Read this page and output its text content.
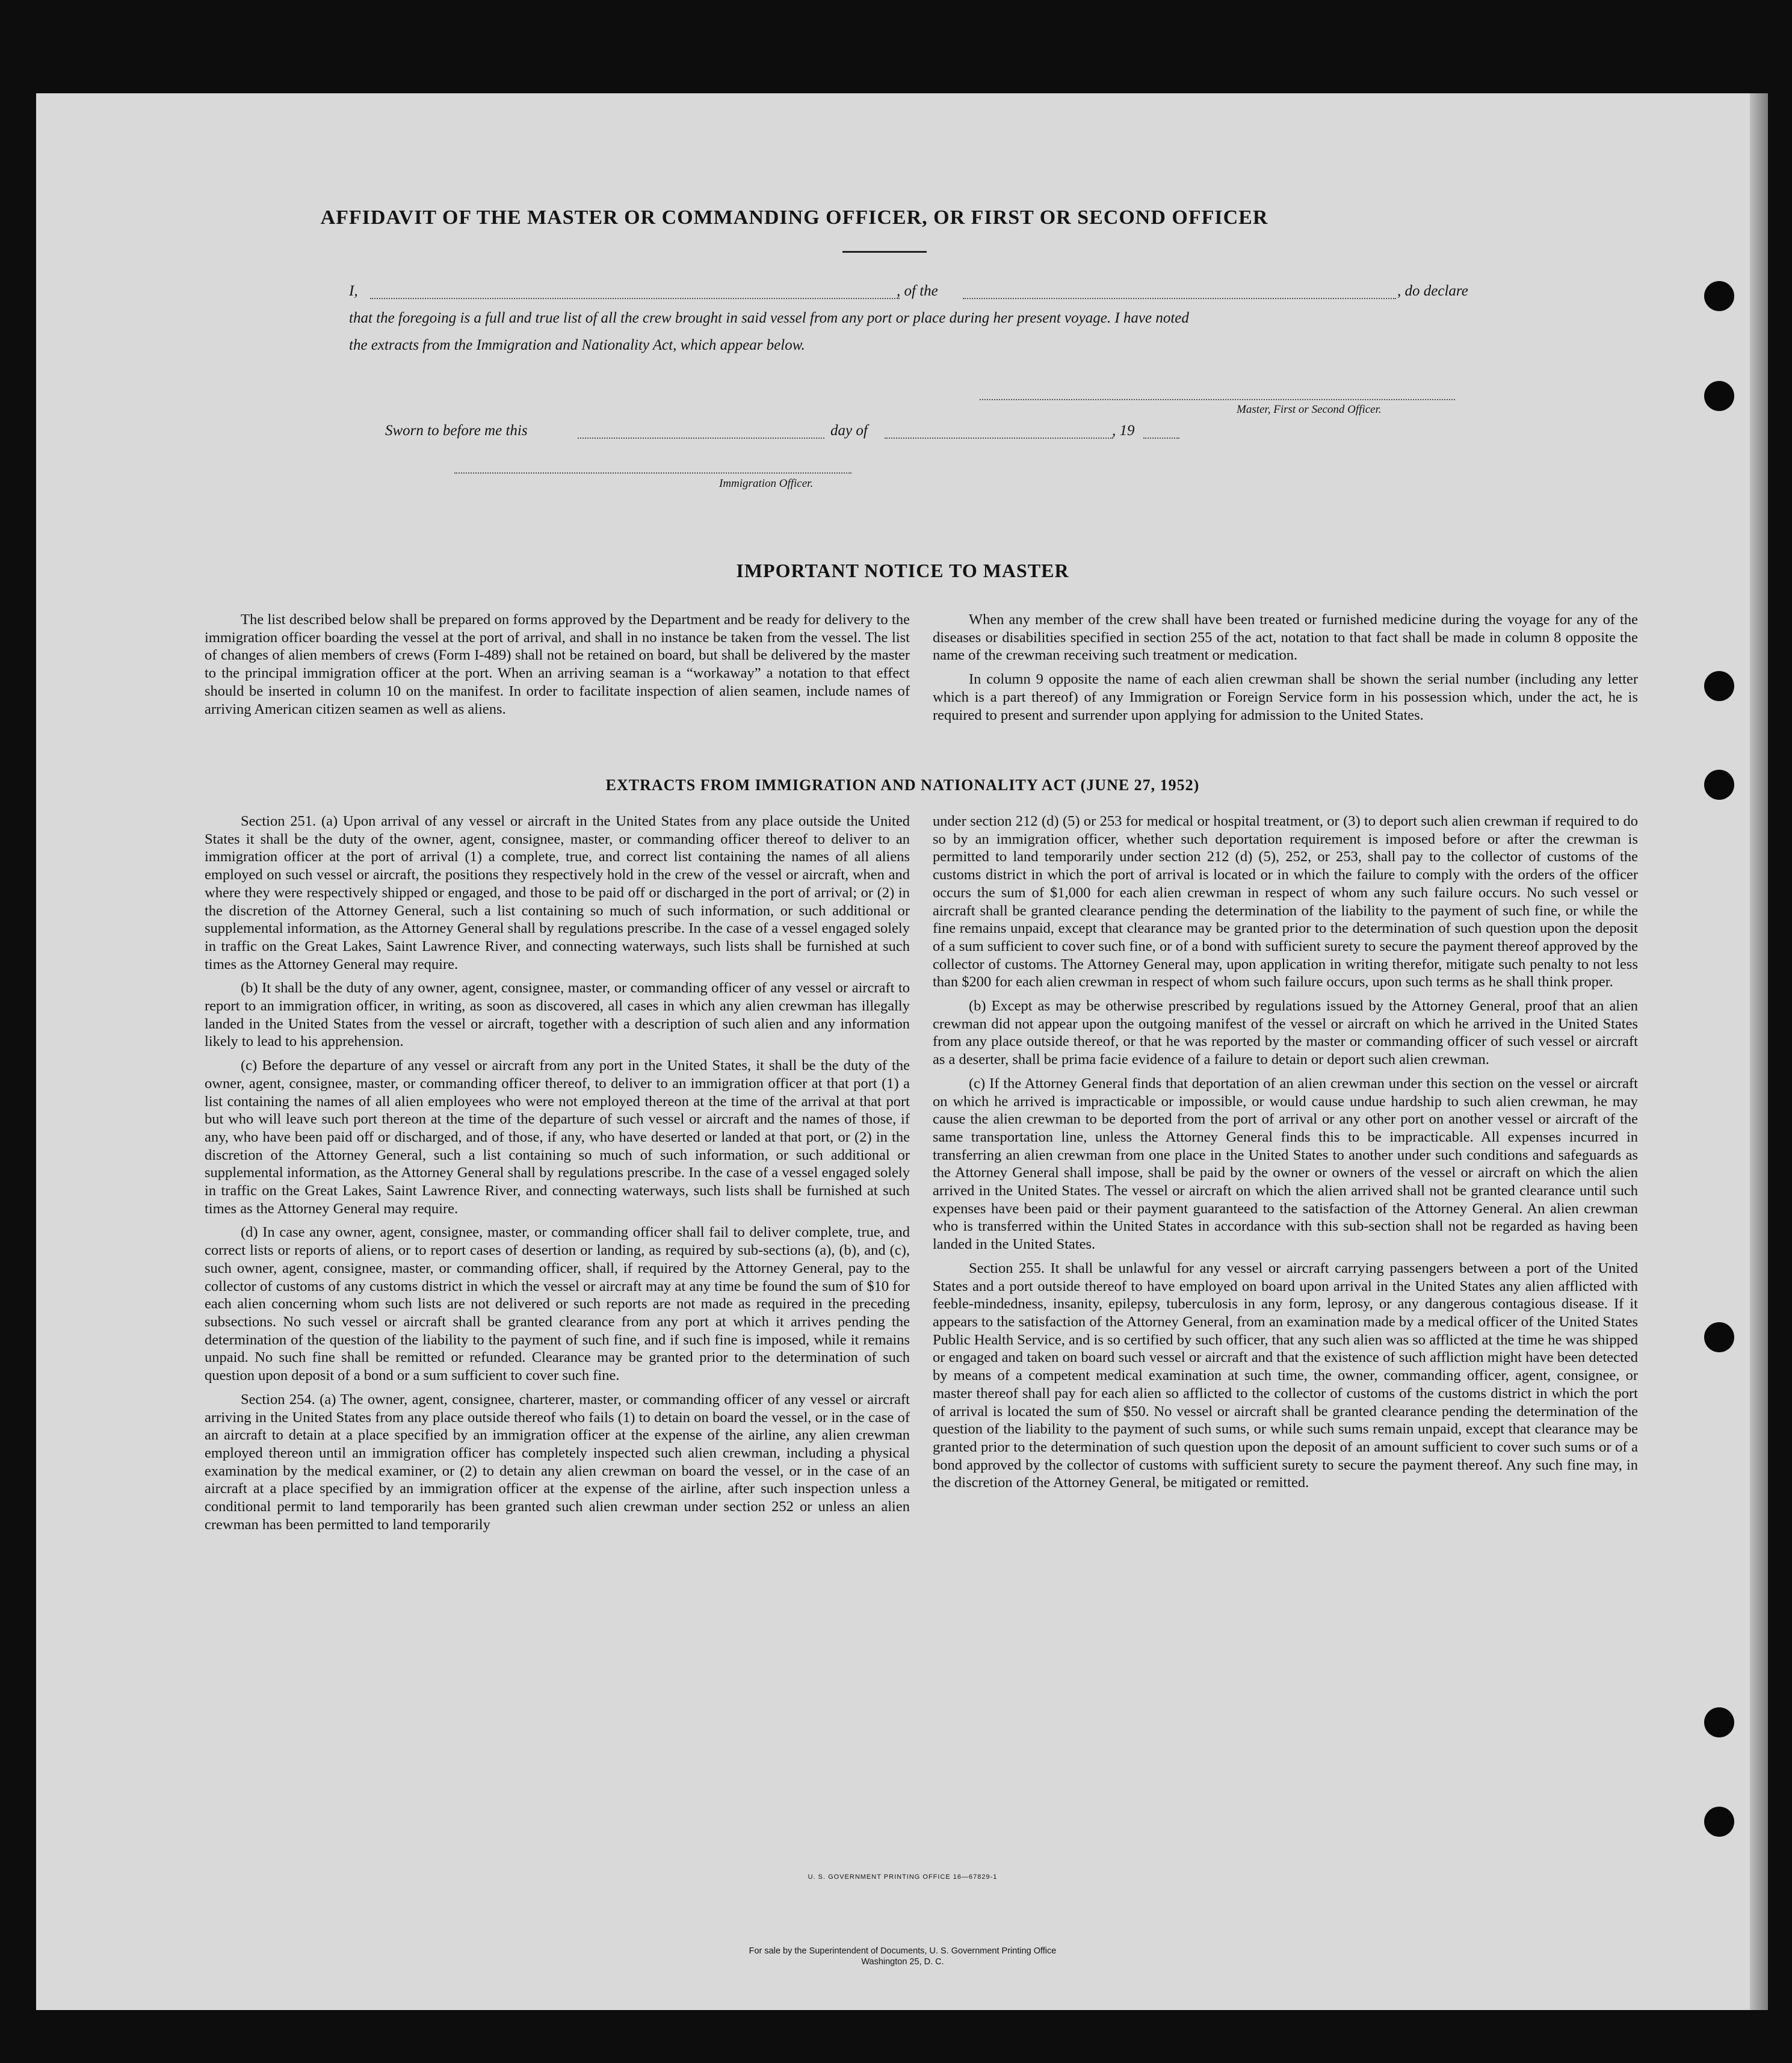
AFFIDAVIT OF THE MASTER OR COMMANDING OFFICER, OR FIRST OR SECOND OFFICER
I,	, of the	, do declare
that the foregoing is a full and true list of all the crew brought in said vessel from any port or place during her present voyage. I have noted
the extracts from the Immigration and Nationality Act, which appear below.
Master, First or Second Officer.
Sworn to before me this	day of	, 19
Immigration Officer.
IMPORTANT NOTICE TO MASTER

The list described below shall be prepared on forms approved by the Department and be ready for delivery to the immigration officer boarding the vessel at the port of arrival, and shall in no instance be taken from the vessel. The list of changes of alien members of crews (Form I-489) shall not be retained on board, but shall be delivered by the master to the principal immigration officer at the port. When an arriving seaman is a “workaway” a notation to that effect should be inserted in column 10 on the manifest. In order to facilitate inspection of alien seamen, include names of arriving American citizen seamen as well as aliens.

When any member of the crew shall have been treated or furnished medicine during the voyage for any of the diseases or disabilities specified in section 255 of the act, notation to that fact shall be made in column 8 opposite the name of the crewman receiving such treatment or medication.

In column 9 opposite the name of each alien crewman shall be shown the serial number (including any letter which is a part thereof) of any Immigration or Foreign Service form in his possession which, under the act, he is required to present and surrender upon applying for admission to the United States.

EXTRACTS FROM IMMIGRATION AND NATIONALITY ACT (JUNE 27, 1952)

Section 251. (a) Upon arrival of any vessel or aircraft in the United States from any place outside the United States it shall be the duty of the owner, agent, consignee, master, or commanding officer thereof to deliver to an immigration officer at the port of arrival (1) a complete, true, and correct list containing the names of all aliens employed on such vessel or aircraft, the positions they respectively hold in the crew of the vessel or aircraft, when and where they were respectively shipped or engaged, and those to be paid off or discharged in the port of arrival; or (2) in the discretion of the Attorney General, such a list containing so much of such information, or such additional or supplemental information, as the Attorney General shall by regulations prescribe. In the case of a vessel engaged solely in traffic on the Great Lakes, Saint Lawrence River, and connecting waterways, such lists shall be furnished at such times as the Attorney General may require.

(b) It shall be the duty of any owner, agent, consignee, master, or commanding officer of any vessel or aircraft to report to an immigration officer, in writing, as soon as discovered, all cases in which any alien crewman has illegally landed in the United States from the vessel or aircraft, together with a description of such alien and any information likely to lead to his apprehension.

(c) Before the departure of any vessel or aircraft from any port in the United States, it shall be the duty of the owner, agent, consignee, master, or commanding officer thereof, to deliver to an immigration officer at that port (1) a list containing the names of all alien employees who were not employed thereon at the time of the arrival at that port but who will leave such port thereon at the time of the departure of such vessel or aircraft and the names of those, if any, who have been paid off or discharged, and of those, if any, who have deserted or landed at that port, or (2) in the discretion of the Attorney General, such a list containing so much of such information, or such additional or supplemental information, as the Attorney General shall by regulations prescribe. In the case of a vessel engaged solely in traffic on the Great Lakes, Saint Lawrence River, and connecting waterways, such lists shall be furnished at such times as the Attorney General may require.

(d) In case any owner, agent, consignee, master, or commanding officer shall fail to deliver complete, true, and correct lists or reports of aliens, or to report cases of desertion or landing, as required by sub-sections (a), (b), and (c), such owner, agent, consignee, master, or commanding officer, shall, if required by the Attorney General, pay to the collector of customs of any customs district in which the vessel or aircraft may at any time be found the sum of $10 for each alien concerning whom such lists are not delivered or such reports are not made as required in the preceding subsections. No such vessel or aircraft shall be granted clearance from any port at which it arrives pending the determination of the question of the liability to the payment of such fine, and if such fine is imposed, while it remains unpaid. No such fine shall be remitted or refunded. Clearance may be granted prior to the determination of such question upon deposit of a bond or a sum sufficient to cover such fine.

Section 254. (a) The owner, agent, consignee, charterer, master, or commanding officer of any vessel or aircraft arriving in the United States from any place outside thereof who fails (1) to detain on board the vessel, or in the case of an aircraft to detain at a place specified by an immigration officer at the expense of the airline, any alien crewman employed thereon until an immigration officer has completely inspected such alien crewman, including a physical examination by the medical examiner, or (2) to detain any alien crewman on board the vessel, or in the case of an aircraft at a place specified by an immigration officer at the expense of the airline, after such inspection unless a conditional permit to land temporarily has been granted such alien crewman under section 252 or unless an alien crewman has been permitted to land temporarily

under section 212 (d) (5) or 253 for medical or hospital treatment, or (3) to deport such alien crewman if required to do so by an immigration officer, whether such deportation requirement is imposed before or after the crewman is permitted to land temporarily under section 212 (d) (5), 252, or 253, shall pay to the collector of customs of the customs district in which the port of arrival is located or in which the failure to comply with the orders of the officer occurs the sum of $1,000 for each alien crewman in respect of whom any such failure occurs. No such vessel or aircraft shall be granted clearance pending the determination of the liability to the payment of such fine, or while the fine remains unpaid, except that clearance may be granted prior to the determination of such question upon the deposit of a sum sufficient to cover such fine, or of a bond with sufficient surety to secure the payment thereof approved by the collector of customs. The Attorney General may, upon application in writing therefor, mitigate such penalty to not less than $200 for each alien crewman in respect of whom such failure occurs, upon such terms as he shall think proper.

(b) Except as may be otherwise prescribed by regulations issued by the Attorney General, proof that an alien crewman did not appear upon the outgoing manifest of the vessel or aircraft on which he arrived in the United States from any place outside thereof, or that he was reported by the master or commanding officer of such vessel or aircraft as a deserter, shall be prima facie evidence of a failure to detain or deport such alien crewman.

(c) If the Attorney General finds that deportation of an alien crewman under this section on the vessel or aircraft on which he arrived is impracticable or impossible, or would cause undue hardship to such alien crewman, he may cause the alien crewman to be deported from the port of arrival or any other port on another vessel or aircraft of the same transportation line, unless the Attorney General finds this to be impracticable. All expenses incurred in transferring an alien crewman from one place in the United States to another under such conditions and safeguards as the Attorney General shall impose, shall be paid by the owner or owners of the vessel or aircraft on which the alien arrived in the United States. The vessel or aircraft on which the alien arrived shall not be granted clearance until such expenses have been paid or their payment guaranteed to the satisfaction of the Attorney General. An alien crewman who is transferred within the United States in accordance with this sub-section shall not be regarded as having been landed in the United States.

Section 255. It shall be unlawful for any vessel or aircraft carrying passengers between a port of the United States and a port outside thereof to have employed on board upon arrival in the United States any alien afflicted with feeble-mindedness, insanity, epilepsy, tuberculosis in any form, leprosy, or any dangerous contagious disease. If it appears to the satisfaction of the Attorney General, from an examination made by a medical officer of the United States Public Health Service, and is so certified by such officer, that any such alien was so afflicted at the time he was shipped or engaged and taken on board such vessel or aircraft and that the existence of such affliction might have been detected by means of a competent medical examination at such time, the owner, commanding officer, agent, consignee, or master thereof shall pay for each alien so afflicted to the collector of customs of the customs district in which the port of arrival is located the sum of $50. No vessel or aircraft shall be granted clearance pending the determination of the question of the liability to the payment of such sums, or while such sums remain unpaid, except that clearance may be granted prior to the determination of such question upon the deposit of an amount sufficient to cover such sums or of a bond approved by the collector of customs with sufficient surety to secure the payment thereof. Any such fine may, in the discretion of the Attorney General, be mitigated or remitted.

U. S. GOVERNMENT PRINTING OFFICE 16—67829-1
For sale by the Superintendent of Documents, U. S. Government Printing Office
Washington 25, D. C.
